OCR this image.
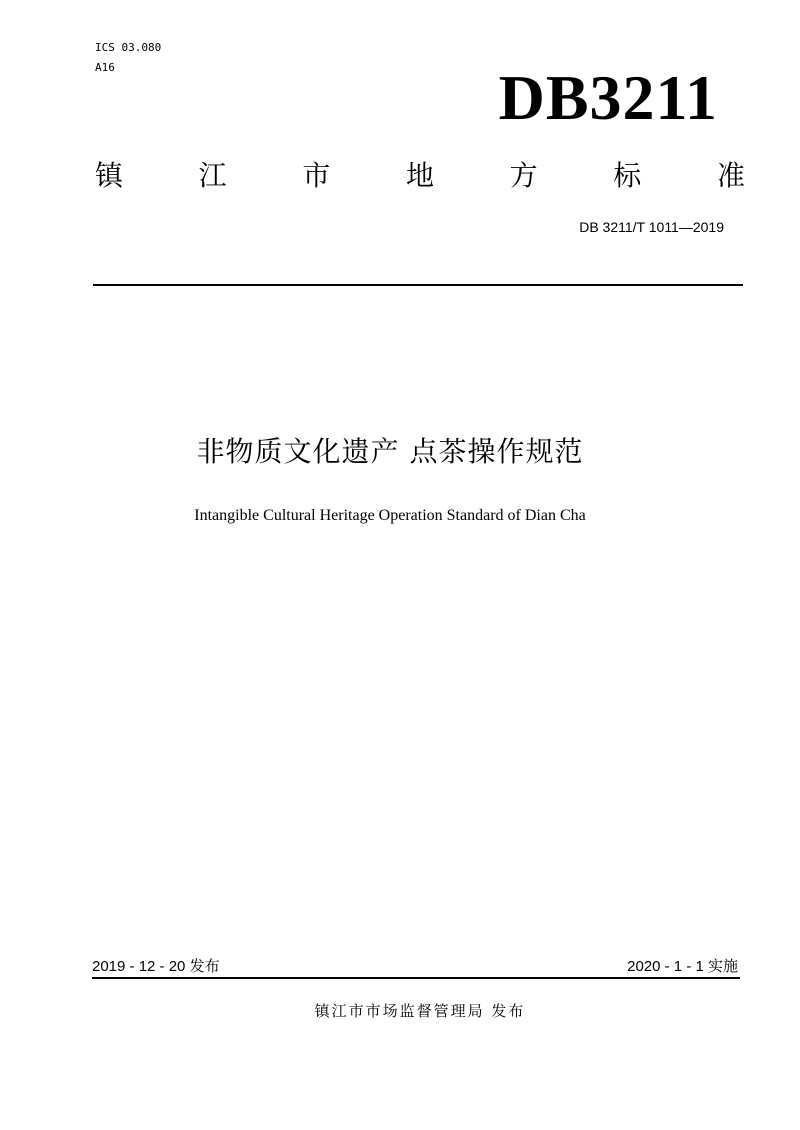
ICS 03.080
A16	DB3211
镇	江	市	地	方	标	准
DB 3211/T 1011—2019
非物质文化遗产 点茶操作规范
Intangible Cultural Heritage Operation Standard of Dian Cha
2019 - 12 - 20 发布	2020 - 1 - 1 实施
镇江市市场监督管理局 发布
